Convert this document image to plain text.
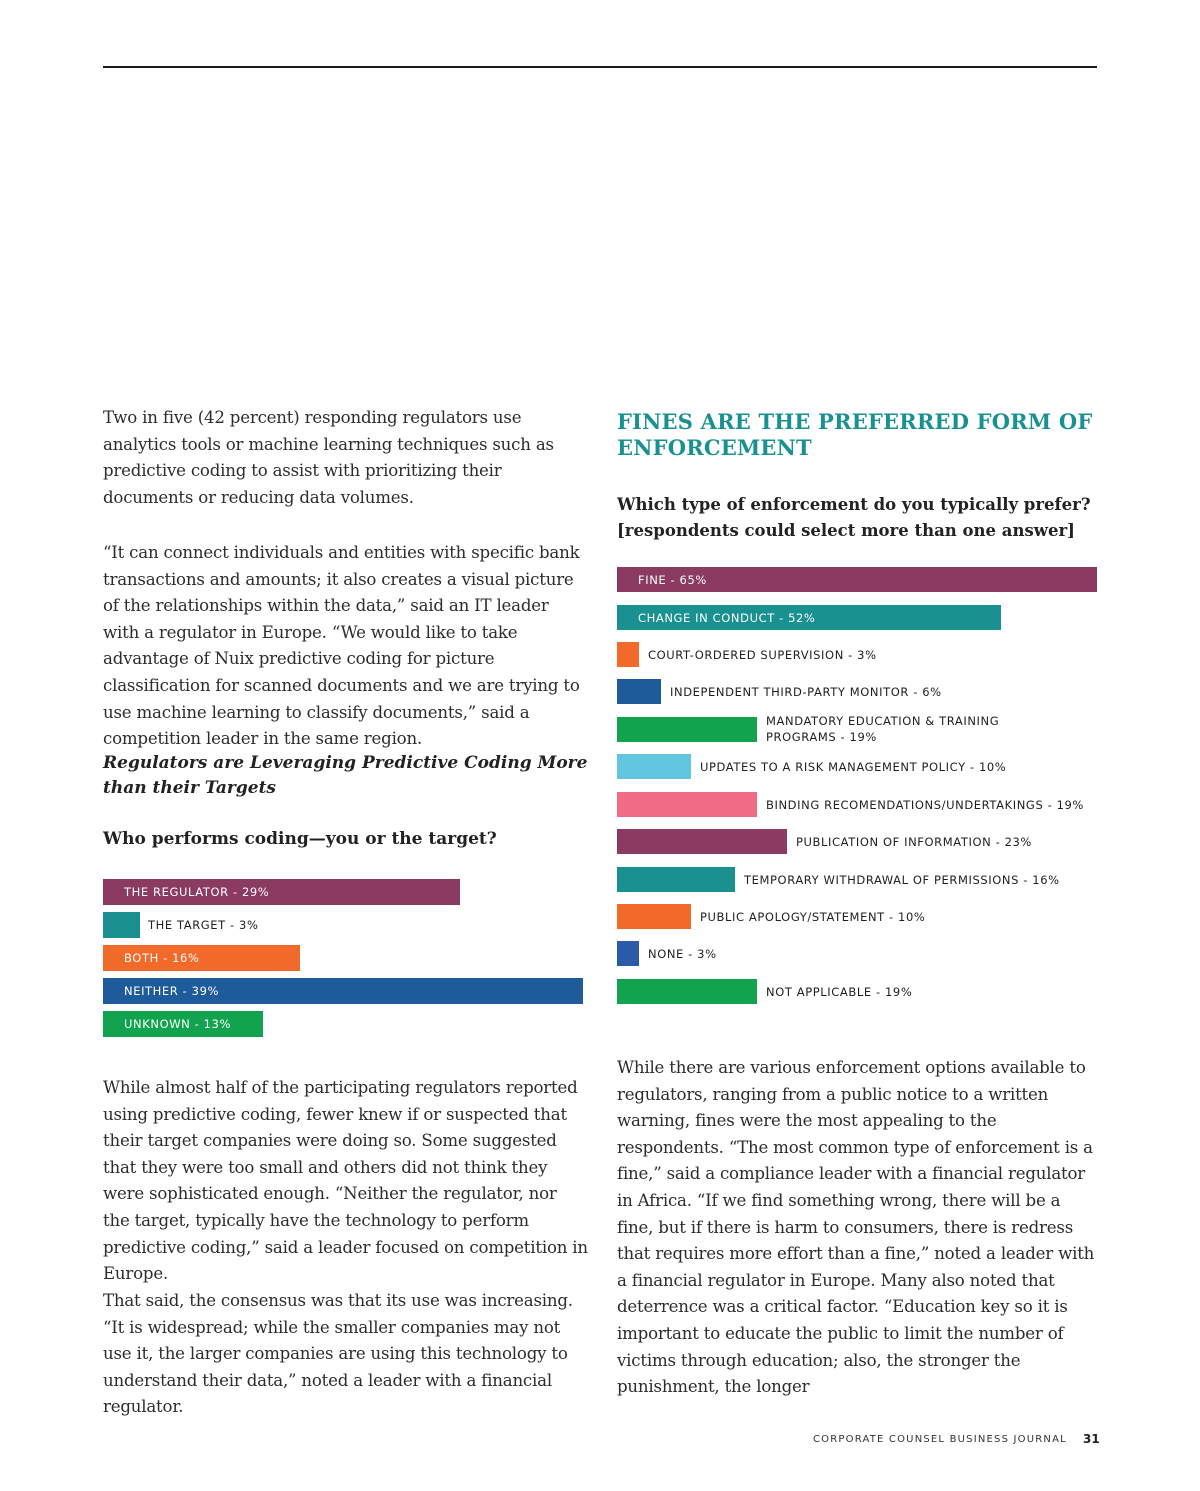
Two in five (42 percent) responding regulators use analytics tools or machine learning techniques such as predictive coding to assist with prioritizing their documents or reducing data volumes.

“It can connect individuals and entities with specific bank transactions and amounts; it also creates a visual picture of the relationships within the data,” said an IT leader with a regulator in Europe. “We would like to take advantage of Nuix predictive coding for picture classification for scanned documents and we are trying to use machine learning to classify documents,” said a competition leader in the same region.

Regulators are Leveraging Predictive Coding More than their Targets
Who performs coding—you or the target?
THE REGULATOR - 29%
THE TARGET - 3%
BOTH - 16%
NEITHER - 39%
UNKNOWN - 13%

While almost half of the participating regulators reported using predictive coding, fewer knew if or suspected that their target companies were doing so. Some suggested that they were too small and others did not think they were sophisticated enough. “Neither the regulator, nor the target, typically have the technology to perform predictive coding,” said a leader focused on competition in Europe.

That said, the consensus was that its use was increasing. “It is widespread; while the smaller companies may not use it, the larger companies are using this technology to understand their data,” noted a leader with a financial regulator.

FINES ARE THE PREFERRED FORM OF ENFORCEMENT
Which type of enforcement do you typically prefer? [respondents could select more than one answer]
FINE - 65%
CHANGE IN CONDUCT - 52%
COURT-ORDERED SUPERVISION - 3%
INDEPENDENT THIRD-PARTY MONITOR - 6%
MANDATORY EDUCATION & TRAINING PROGRAMS - 19%
UPDATES TO A RISK MANAGEMENT POLICY - 10%
BINDING RECOMENDATIONS/UNDERTAKINGS - 19%
PUBLICATION OF INFORMATION - 23%
TEMPORARY WITHDRAWAL OF PERMISSIONS - 16%
PUBLIC APOLOGY/STATEMENT - 10%
NONE - 3%
NOT APPLICABLE - 19%

While there are various enforcement options available to regulators, ranging from a public notice to a written warning, fines were the most appealing to the respondents. “The most common type of enforcement is a fine,” said a compliance leader with a financial regulator in Africa. “If we find something wrong, there will be a fine, but if there is harm to consumers, there is redress that requires more effort than a fine,” noted a leader with a financial regulator in Europe. Many also noted that deterrence was a critical factor. “Education key so it is important to educate the public to limit the number of victims through education; also, the stronger the punishment, the longer

CORPORATE COUNSEL BUSINESS JOURNAL 31
